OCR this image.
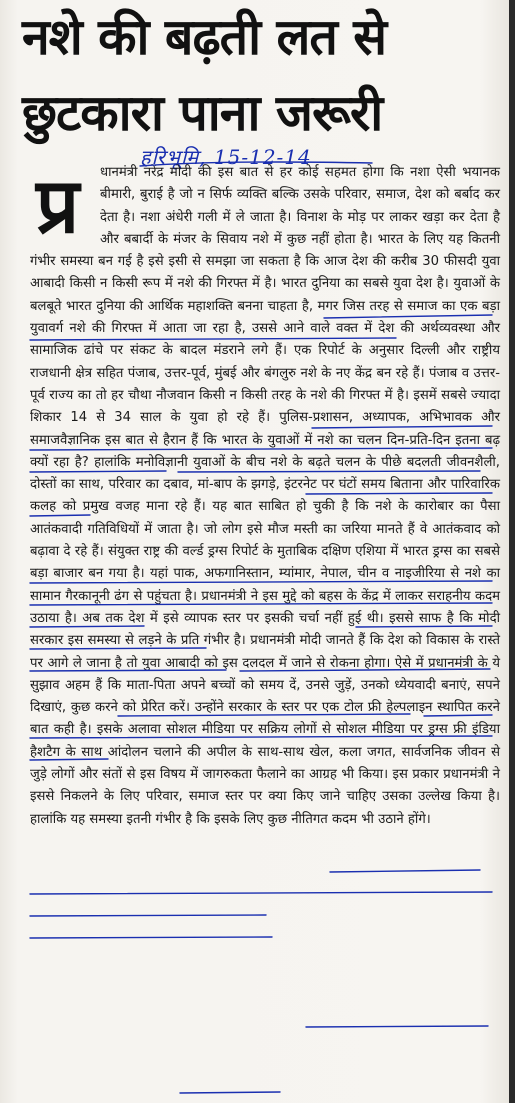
नशे की बढ़ती लत से
छुटकारा पाना जरूरी
हरिभूमि, 15-12-14

धानमंत्री नरेंद्र मोदी की इस बात से हर कोई सहमत होगा कि नशा ऐसी भयानक बीमारी, बुराई है जो न सिर्फ व्यक्ति बल्कि उसके परिवार, समाज, देश को बर्बाद कर देता है। नशा अंधेरी गली में ले जाता है। विनाश के मोड़ पर लाकर खड़ा कर देता है और बबार्दी के मंजर के सिवाय नशे में कुछ नहीं होता है। भारत के लिए यह कितनी गंभीर समस्या बन गई है इसे इसी से समझा जा सकता है कि आज देश की करीब 30 फीसदी युवा आबादी किसी न किसी रूप में नशे की गिरफ्त में है। भारत दुनिया का सबसे युवा देश है। युवाओं के बलबूते भारत दुनिया की आर्थिक महाशक्ति बनना चाहता है, मगर जिस तरह से समाज का एक बड़ा युवावर्ग नशे की गिरफ्त में आता जा रहा है, उससे आने वाले वक्त में देश की अर्थव्यवस्था और सामाजिक ढांचे पर संकट के बादल मंडराने लगे हैं। एक रिपोर्ट के अनुसार दिल्ली और राष्ट्रीय राजधानी क्षेत्र सहित पंजाब, उत्तर-पूर्व, मुंबई और बंगलुरु नशे के नए केंद्र बन रहे हैं। पंजाब व उत्तर-पूर्व राज्य का तो हर चौथा नौजवान किसी न किसी तरह के नशे की गिरफ्त में है। इसमें सबसे ज्यादा शिकार 14 से 34 साल के युवा हो रहे हैं। पुलिस-प्रशासन, अध्यापक, अभिभावक और समाजवैज्ञानिक इस बात से हैरान हैं कि भारत के युवाओं में नशे का चलन दिन-प्रति-दिन इतना बढ़ क्यों रहा है? हालांकि मनोविज्ञानी युवाओं के बीच नशे के बढ़ते चलन के पीछे बदलती जीवनशैली, दोस्तों का साथ, परिवार का दबाव, मां-बाप के झगड़े, इंटरनेट पर घंटों समय बिताना और पारिवारिक कलह को प्रमुख वजह माना रहे हैं। यह बात साबित हो चुकी है कि नशे के कारोबार का पैसा आतंकवादी गतिविधियों में जाता है। जो लोग इसे मौज मस्ती का जरिया मानते हैं वे आतंकवाद को बढ़ावा दे रहे हैं। संयुक्त राष्ट्र की वर्ल्ड ड्रग्स रिपोर्ट के मुताबिक दक्षिण एशिया में भारत ड्रग्स का सबसे बड़ा बाजार बन गया है। यहां पाक, अफगानिस्तान, म्यांमार, नेपाल, चीन व नाइजीरिया से नशे का सामान गैरकानूनी ढंग से पहुंचता है। प्रधानमंत्री ने इस मुद्दे को बहस के केंद्र में लाकर सराहनीय कदम उठाया है। अब तक देश में इसे व्यापक स्तर पर इसकी चर्चा नहीं हुई थी। इससे साफ है कि मोदी सरकार इस समस्या से लड़ने के प्रति गंभीर है। प्रधानमंत्री मोदी जानते हैं कि देश को विकास के रास्ते पर आगे ले जाना है तो युवा आबादी को इस दलदल में जाने से रोकना होगा। ऐसे में प्रधानमंत्री के ये सुझाव अहम हैं कि माता-पिता अपने बच्चों को समय दें, उनसे जुड़ें, उनको ध्येयवादी बनाएं, सपने दिखाएं, कुछ करने को प्रेरित करें। उन्होंने सरकार के स्तर पर एक टोल फ्री हेल्पलाइन स्थापित करने बात कही है। इसके अलावा सोशल मीडिया पर सक्रिय लोगों से सोशल मीडिया पर ड्रग्स फ्री इंडिया हैशटैग के साथ आंदोलन चलाने की अपील के साथ-साथ खेल, कला जगत, सार्वजनिक जीवन से जुड़े लोगों और संतों से इस विषय में जागरुकता फैलाने का आग्रह भी किया। इस प्रकार प्रधानमंत्री ने इससे निकलने के लिए परिवार, समाज स्तर पर क्या किए जाने चाहिए उसका उल्लेख किया है। हालांकि यह समस्या इतनी गंभीर है कि इसके लिए कुछ नीतिगत कदम भी उठाने होंगे।

प्र
